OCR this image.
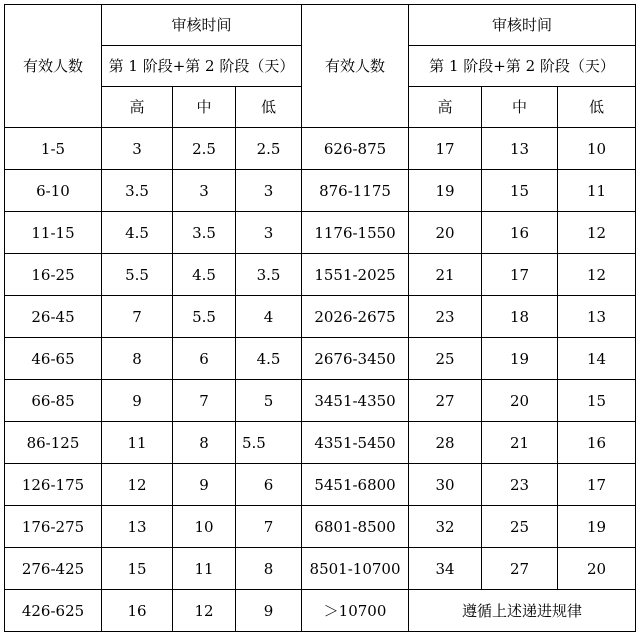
有效人数	审核时间			有效人数	审核时间		
	第 1 阶段+第 2 阶段（天）				第 1 阶段+第 2 阶段（天）		
	高	中	低		高	中	低
1-5	3	2.5	2.5	626-875	17	13	10
6-10	3.5	3	3	876-1175	19	15	11
11-15	4.5	3.5	3	1176-1550	20	16	12
16-25	5.5	4.5	3.5	1551-2025	21	17	12
26-45	7	5.5	4	2026-2675	23	18	13
46-65	8	6	4.5	2676-3450	25	19	14
66-85	9	7	5	3451-4350	27	20	15
86-125	11	8	5.5	4351-5450	28	21	16
126-175	12	9	6	5451-6800	30	23	17
176-275	13	10	7	6801-8500	32	25	19
276-425	15	11	8	8501-10700	34	27	20
426-625	16	12	9	＞10700	遵循上述递进规律		
